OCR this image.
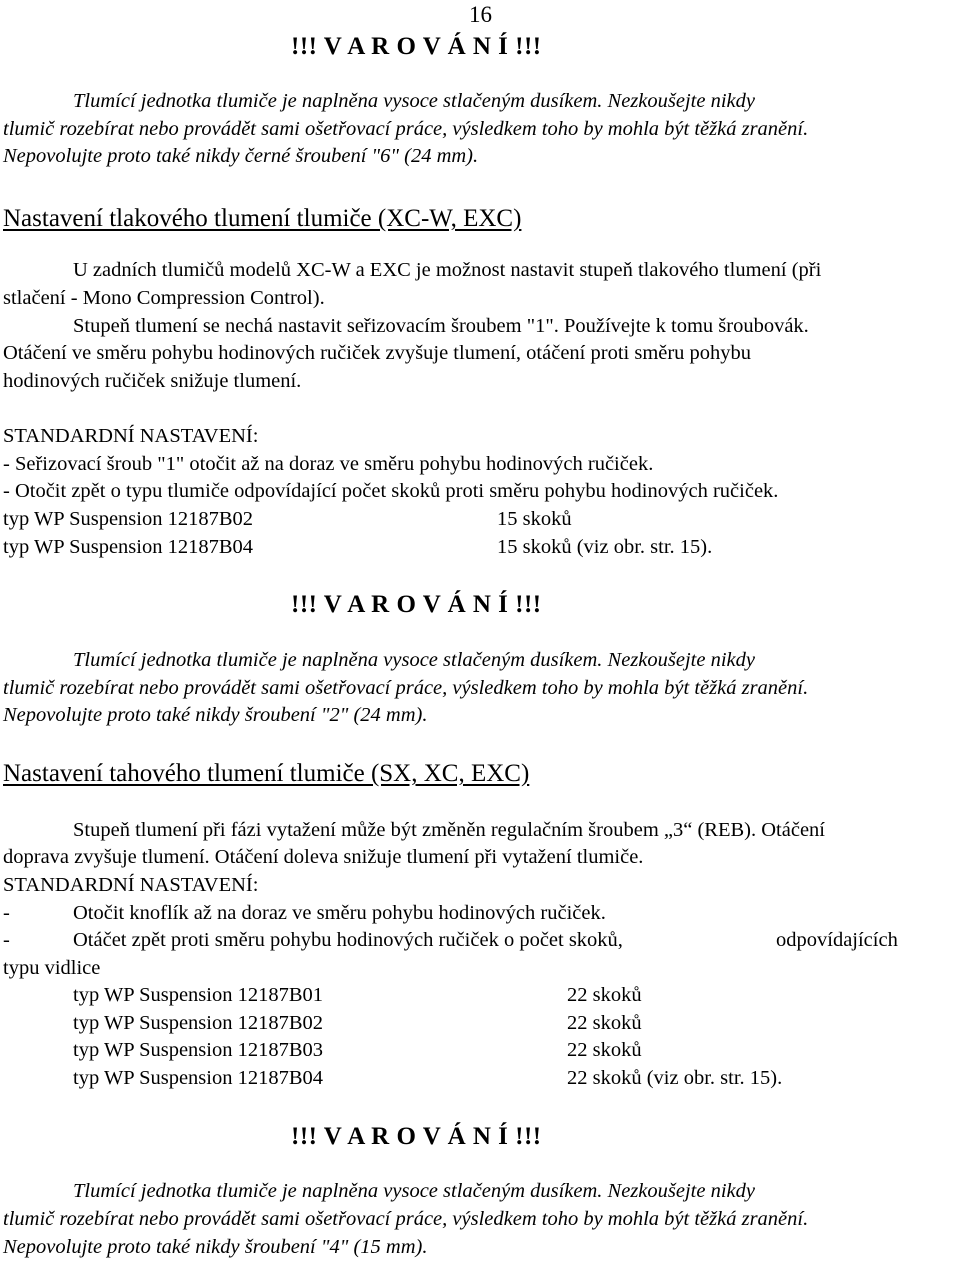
16
!!! V A R O V Á N Í !!!
Tlumící jednotka tlumiče je naplněna vysoce stlačeným dusíkem. Nezkoušejte nikdy
tlumič rozebírat nebo provádět sami ošetřovací práce, výsledkem toho by mohla být těžká zranění.
Nepovolujte proto také nikdy černé šroubení "6" (24 mm).
Nastavení tlakového tlumení tlumiče (XC-W, EXC)
U zadních tlumičů modelů XC-W a EXC je možnost nastavit stupeň tlakového tlumení (při
stlačení - Mono Compression Control).
Stupeň tlumení se nechá nastavit seřizovacím šroubem "1". Používejte k tomu šroubovák.
Otáčení ve směru pohybu hodinových ručiček zvyšuje tlumení, otáčení proti směru pohybu
hodinových ručiček snižuje tlumení.
STANDARDNÍ NASTAVENÍ:
- Seřizovací šroub "1" otočit až na doraz ve směru pohybu hodinových ručiček.
- Otočit zpět o typu tlumiče odpovídající počet skoků proti směru pohybu hodinových ručiček.
typ WP Suspension 12187B02	15 skoků
typ WP Suspension 12187B04	15 skoků (viz obr. str. 15).
!!! V A R O V Á N Í !!!
Tlumící jednotka tlumiče je naplněna vysoce stlačeným dusíkem. Nezkoušejte nikdy
tlumič rozebírat nebo provádět sami ošetřovací práce, výsledkem toho by mohla být těžká zranění.
Nepovolujte proto také nikdy šroubení "2" (24 mm).
Nastavení tahového tlumení tlumiče (SX, XC, EXC)
Stupeň tlumení při fázi vytažení může být změněn regulačním šroubem „3“ (REB). Otáčení
doprava zvyšuje tlumení. Otáčení doleva snižuje tlumení při vytažení tlumiče.
STANDARDNÍ NASTAVENÍ:
-	Otočit knoflík až na doraz ve směru pohybu hodinových ručiček.
-	Otáčet zpět proti směru pohybu hodinových ručiček o počet skoků,	odpovídajících
typu vidlice
typ WP Suspension 12187B01	22 skoků
typ WP Suspension 12187B02	22 skoků
typ WP Suspension 12187B03	22 skoků
typ WP Suspension 12187B04	22 skoků (viz obr. str. 15).
!!! V A R O V Á N Í !!!
Tlumící jednotka tlumiče je naplněna vysoce stlačeným dusíkem. Nezkoušejte nikdy
tlumič rozebírat nebo provádět sami ošetřovací práce, výsledkem toho by mohla být těžká zranění.
Nepovolujte proto také nikdy šroubení "4" (15 mm).
